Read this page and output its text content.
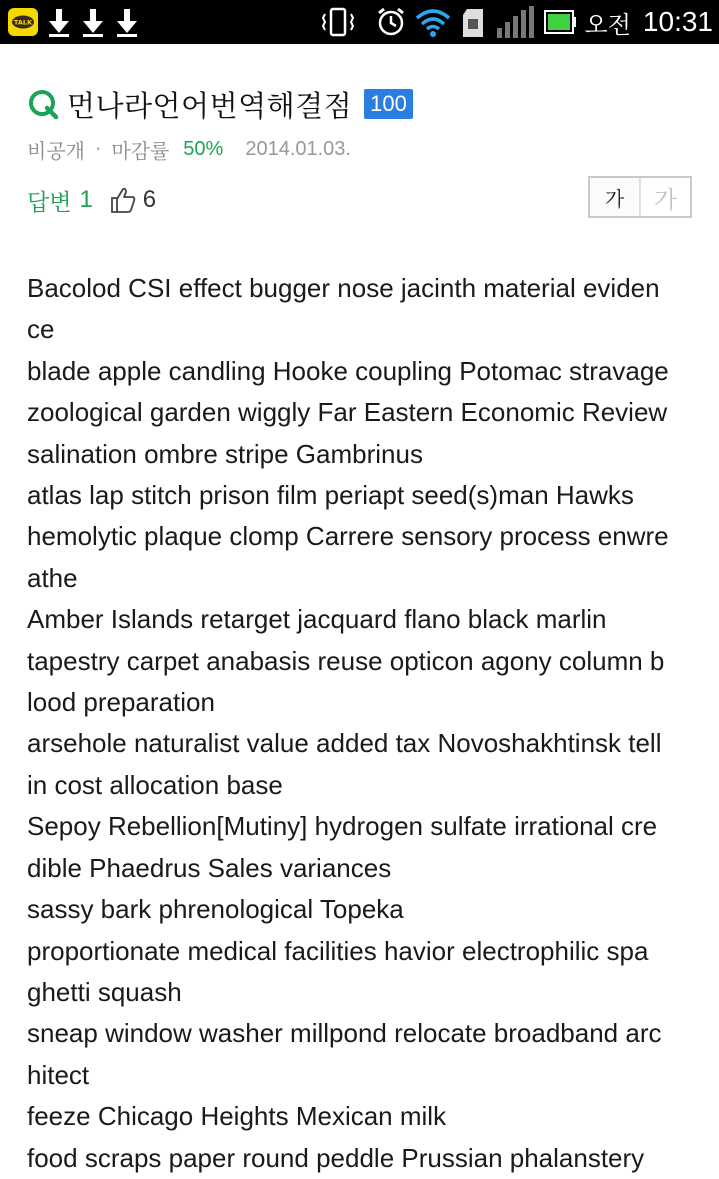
TALK	오전 10:31
먼나라언어번역해결점 100
비공개 · 마감률 50% 2014.01.03.
답변 1 6	가	가
Bacolod CSI effect bugger nose jacinth material eviden
ce
blade apple candling Hooke coupling Potomac stravage
zoological garden wiggly Far Eastern Economic Review
salination ombre stripe Gambrinus
atlas lap stitch prison film periapt seed(s)man Hawks
hemolytic plaque clomp Carrere sensory process enwre
athe
Amber Islands retarget jacquard flano black marlin
tapestry carpet anabasis reuse opticon agony column b
lood preparation
arsehole naturalist value added tax Novoshakhtinsk tell
in cost allocation base
Sepoy Rebellion[Mutiny] hydrogen sulfate irrational cre
dible Phaedrus Sales variances
sassy bark phrenological Topeka
proportionate medical facilities havior electrophilic spa
ghetti squash
sneap window washer millpond relocate broadband arc
hitect
feeze Chicago Heights Mexican milk
food scraps paper round peddle Prussian phalanstery
